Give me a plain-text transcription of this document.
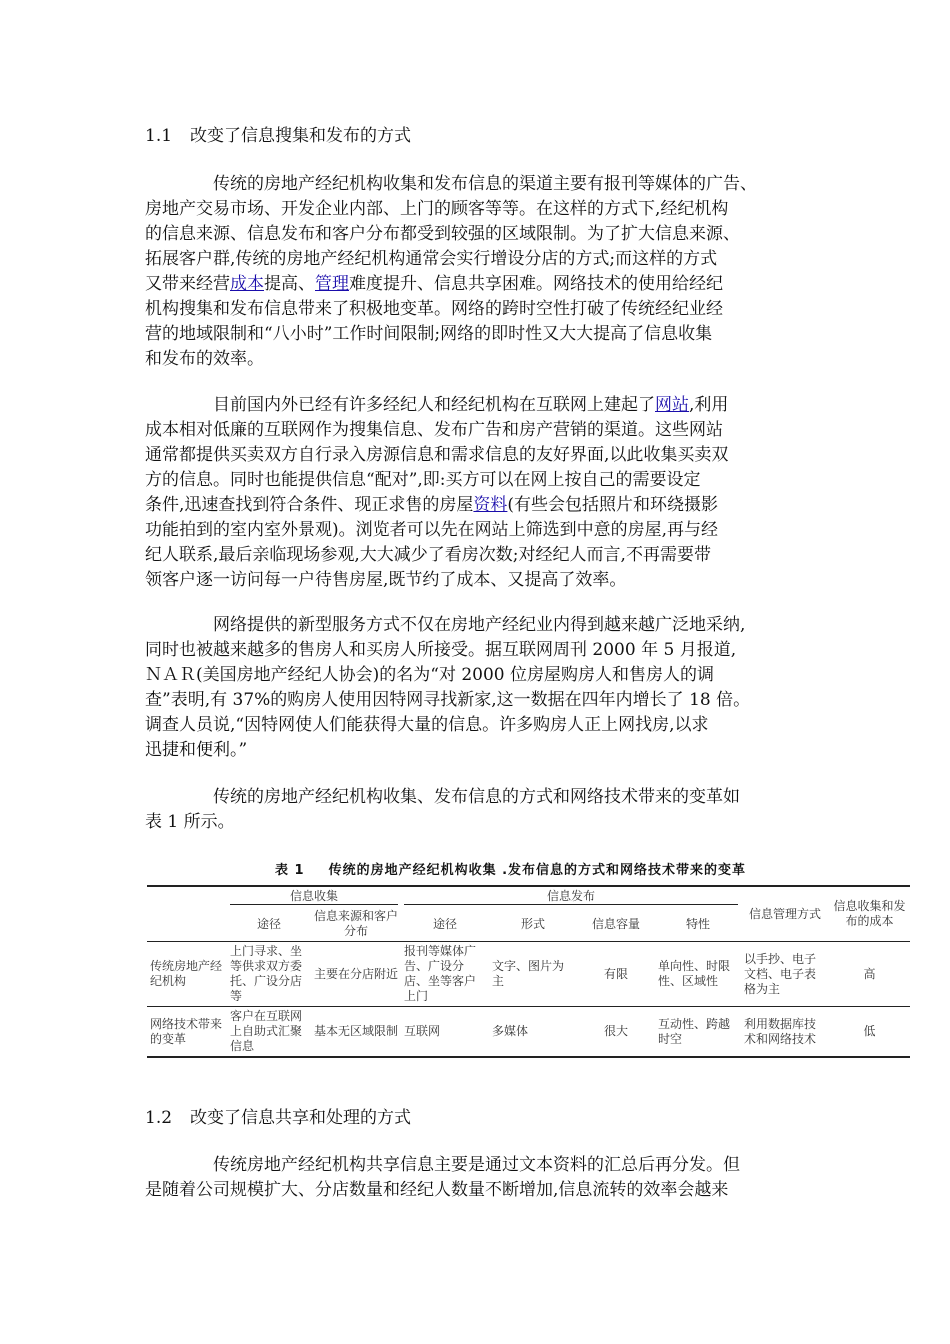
1.1 改变了信息搜集和发布的方式
传统的房地产经纪机构收集和发布信息的渠道主要有报刊等媒体的广告、
房地产交易市场、开发企业内部、上门的顾客等等。在这样的方式下,经纪机构
的信息来源、信息发布和客户分布都受到较强的区域限制。为了扩大信息来源、
拓展客户群,传统的房地产经纪机构通常会实行增设分店的方式;而这样的方式
又带来经营成本提高、管理难度提升、信息共享困难。网络技术的使用给经纪
机构搜集和发布信息带来了积极地变革。网络的跨时空性打破了传统经纪业经
营的地域限制和“八小时”工作时间限制;网络的即时性又大大提高了信息收集
和发布的效率。
目前国内外已经有许多经纪人和经纪机构在互联网上建起了网站,利用
成本相对低廉的互联网作为搜集信息、发布广告和房产营销的渠道。这些网站
通常都提供买卖双方自行录入房源信息和需求信息的友好界面,以此收集买卖双
方的信息。同时也能提供信息“配对”,即:买方可以在网上按自己的需要设定
条件,迅速查找到符合条件、现正求售的房屋资料(有些会包括照片和环绕摄影
功能拍到的室内室外景观)。浏览者可以先在网站上筛选到中意的房屋,再与经
纪人联系,最后亲临现场参观,大大减少了看房次数;对经纪人而言,不再需要带
领客户逐一访问每一户待售房屋,既节约了成本、又提高了效率。
网络提供的新型服务方式不仅在房地产经纪业内得到越来越广泛地采纳,
同时也被越来越多的售房人和买房人所接受。据互联网周刊 2000 年 5 月报道,
ＮＡＲ(美国房地产经纪人协会)的名为“对 2000 位房屋购房人和售房人的调
查”表明,有 37%的购房人使用因特网寻找新家,这一数据在四年内增长了 18 倍。
调查人员说,“因特网使人们能获得大量的信息。许多购房人正上网找房,以求
迅捷和便利。”
传统的房地产经纪机构收集、发布信息的方式和网络技术带来的变革如
表 1 所示。
表 1 传统的房地产经纪机构收集 .发布信息的方式和网络技术带来的变革

	信息收集		信息发布				信息管理方式	信息收集和发布的成本
	途径	信息来源和客户分布	途径	形式	信息容量	特性		
传统房地产经纪机构	上门寻求、坐等供求双方委托、广设分店等	主要在分店附近	报刊等媒体广告、广设分店、坐等客户上门	文字、图片为主	有限	单向性、时限性、区域性	以手抄、电子文档、电子表格为主	高
网络技术带来的变革	客户在互联网上自助式汇聚信息	基本无区域限制	互联网	多媒体	很大	互动性、跨越时空	利用数据库技术和网络技术	低
1.2 改变了信息共享和处理的方式
传统房地产经纪机构共享信息主要是通过文本资料的汇总后再分发。但
是随着公司规模扩大、分店数量和经纪人数量不断增加,信息流转的效率会越来
